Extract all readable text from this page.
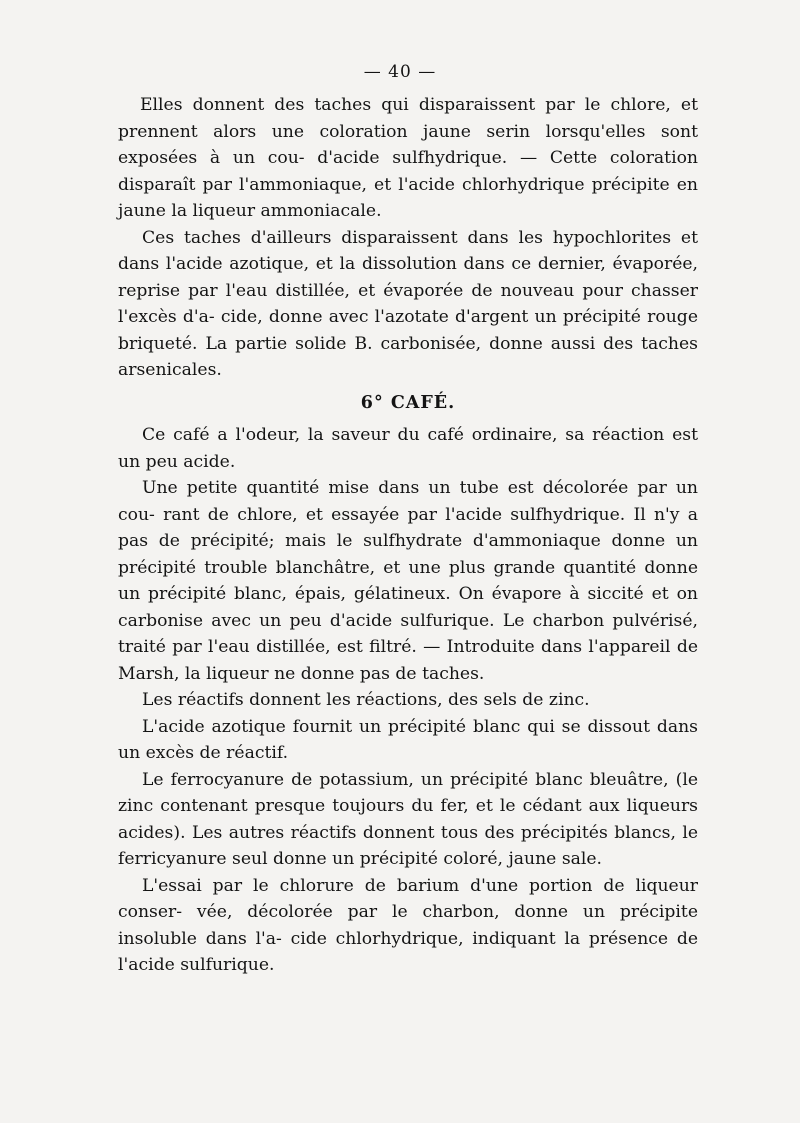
— 40 —

Elles donnent des taches qui disparaissent par le chlore, et prennent alors une coloration jaune serin lorsqu'elles sont exposées à un cou- d'acide sulfhydrique. — Cette coloration disparaît par l'ammoniaque, et l'acide chlorhydrique précipite en jaune la liqueur ammoniacale.

Ces taches d'ailleurs disparaissent dans les hypochlorites et dans l'acide azotique, et la dissolution dans ce dernier, évaporée, reprise par l'eau distillée, et évaporée de nouveau pour chasser l'excès d'a- cide, donne avec l'azotate d'argent un précipité rouge briqueté. La partie solide B. carbonisée, donne aussi des taches arsenicales.

6° CAFÉ.

Ce café a l'odeur, la saveur du café ordinaire, sa réaction est un peu acide.

Une petite quantité mise dans un tube est décolorée par un cou- rant de chlore, et essayée par l'acide sulfhydrique. Il n'y a pas de précipité; mais le sulfhydrate d'ammoniaque donne un précipité trouble blanchâtre, et une plus grande quantité donne un précipité blanc, épais, gélatineux. On évapore à siccité et on carbonise avec un peu d'acide sulfurique. Le charbon pulvérisé, traité par l'eau distillée, est filtré. — Introduite dans l'appareil de Marsh, la liqueur ne donne pas de taches.

Les réactifs donnent les réactions, des sels de zinc.

L'acide azotique fournit un précipité blanc qui se dissout dans un excès de réactif.

Le ferrocyanure de potassium, un précipité blanc bleuâtre, (le zinc contenant presque toujours du fer, et le cédant aux liqueurs acides). Les autres réactifs donnent tous des précipités blancs, le ferricyanure seul donne un précipité coloré, jaune sale.

L'essai par le chlorure de barium d'une portion de liqueur conser- vée, décolorée par le charbon, donne un précipite insoluble dans l'a- cide chlorhydrique, indiquant la présence de l'acide sulfurique.
